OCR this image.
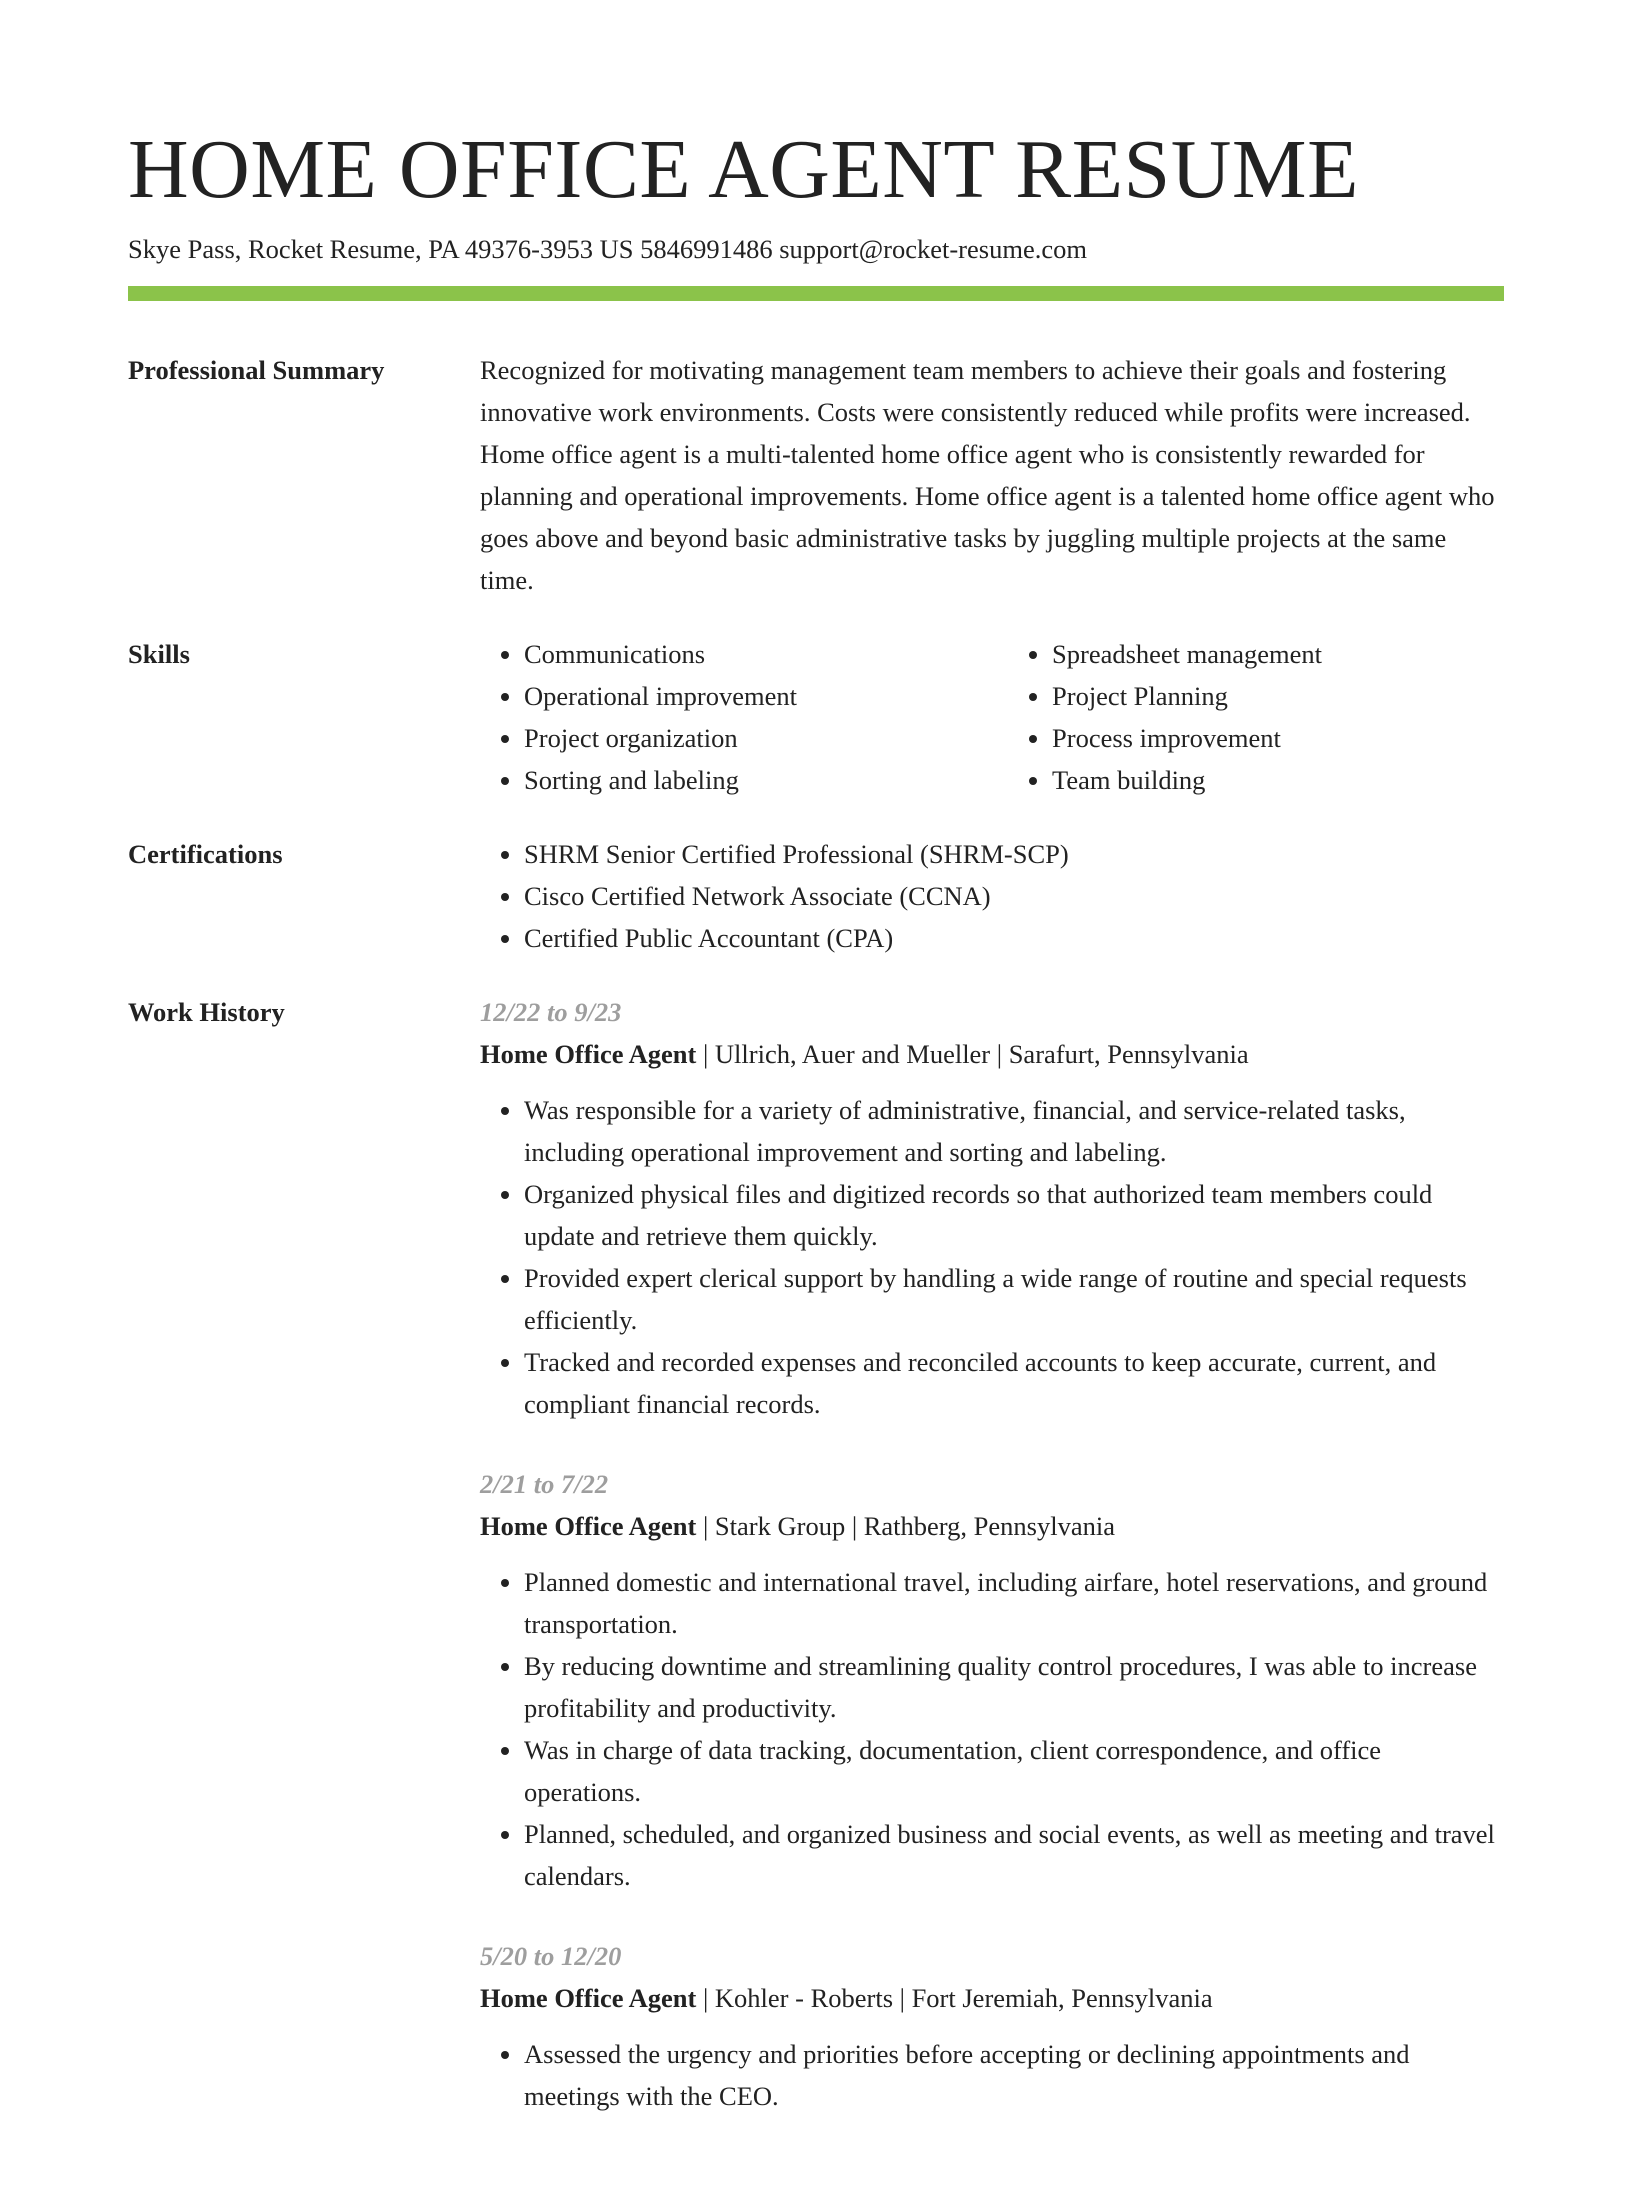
HOME OFFICE AGENT RESUME
Skye Pass, Rocket Resume, PA 49376-3953 US 5846991486 support@rocket-resume.com
Professional Summary	Recognized for motivating management team members to achieve their goals and fostering innovative work environments. Costs were consistently reduced while profits were increased. Home office agent is a multi-talented home office agent who is consistently rewarded for planning and operational improvements. Home office agent is a talented home office agent who goes above and beyond basic administrative tasks by juggling multiple projects at the same time.

Skills	• Communications
• Operational improvement
• Project organization
• Sorting and labeling
• Spreadsheet management
• Project Planning
• Process improvement
• Team building
Certifications	• SHRM Senior Certified Professional (SHRM-SCP)
• Cisco Certified Network Associate (CCNA)
• Certified Public Accountant (CPA)
Work History	12/22 to 9/23
Home Office Agent | Ullrich, Auer and Mueller | Sarafurt, Pennsylvania
• Was responsible for a variety of administrative, financial, and service-related tasks, including operational improvement and sorting and labeling.
• Organized physical files and digitized records so that authorized team members could update and retrieve them quickly.
• Provided expert clerical support by handling a wide range of routine and special requests efficiently.
• Tracked and recorded expenses and reconciled accounts to keep accurate, current, and compliant financial records.
2/21 to 7/22
Home Office Agent | Stark Group | Rathberg, Pennsylvania
• Planned domestic and international travel, including airfare, hotel reservations, and ground transportation.
• By reducing downtime and streamlining quality control procedures, I was able to increase profitability and productivity.
• Was in charge of data tracking, documentation, client correspondence, and office operations.
• Planned, scheduled, and organized business and social events, as well as meeting and travel calendars.
5/20 to 12/20
Home Office Agent | Kohler - Roberts | Fort Jeremiah, Pennsylvania
• Assessed the urgency and priorities before accepting or declining appointments and meetings with the CEO.
